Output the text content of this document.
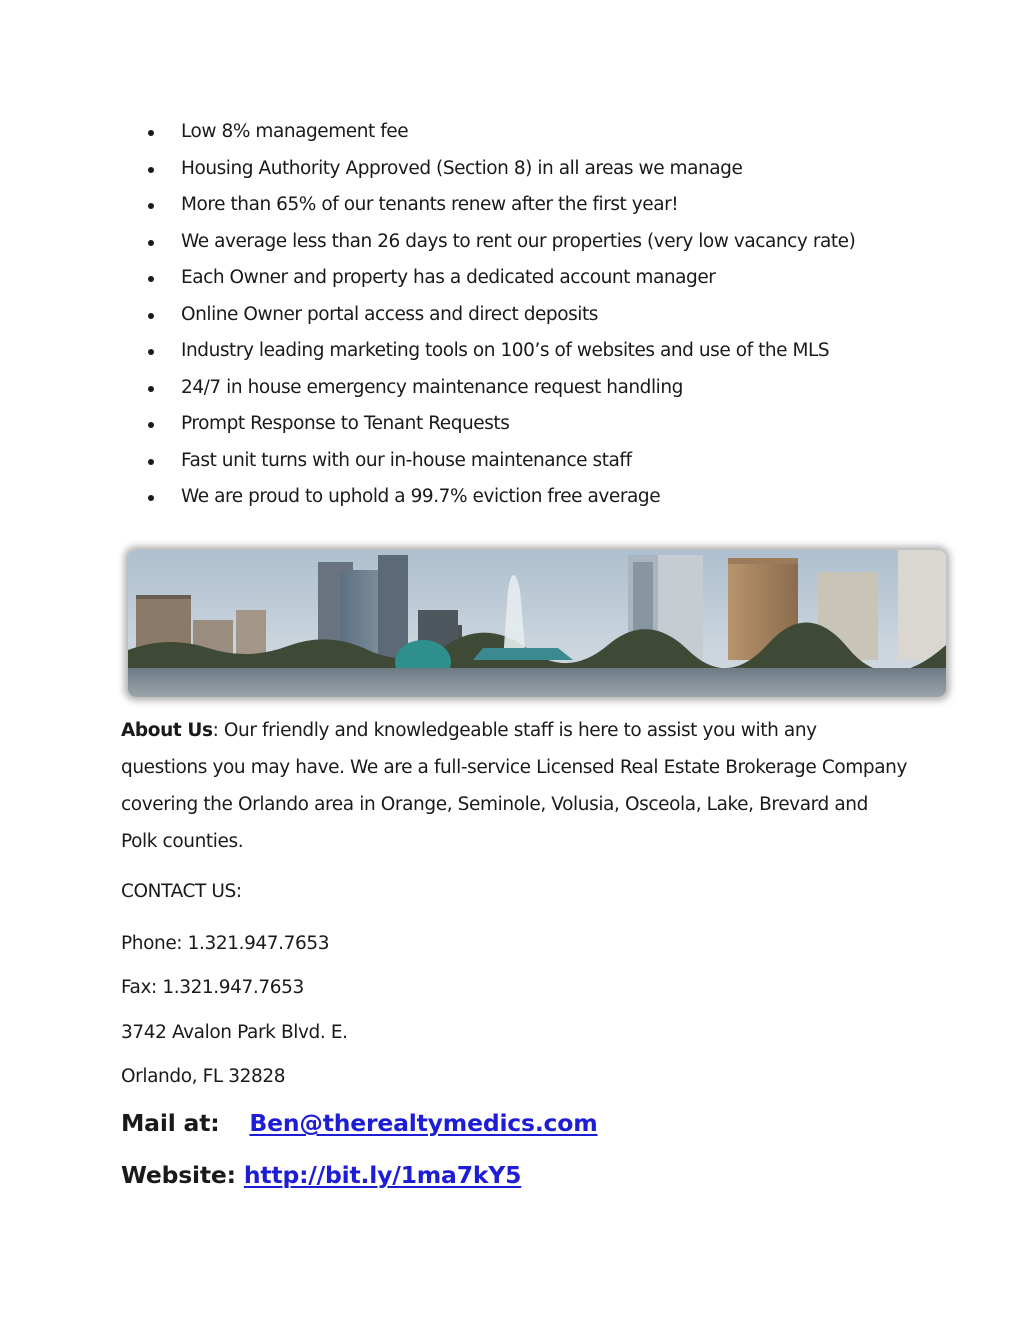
Low 8% management fee
Housing Authority Approved (Section 8) in all areas we manage
More than 65% of our tenants renew after the first year!
We average less than 26 days to rent our properties (very low vacancy rate)
Each Owner and property has a dedicated account manager
Online Owner portal access and direct deposits
Industry leading marketing tools on 100’s of websites and use of the MLS
24/7 in house emergency maintenance request handling
Prompt Response to Tenant Requests
Fast unit turns with our in-house maintenance staff
We are proud to uphold a 99.7% eviction free average
About Us: Our friendly and knowledgeable staff is here to assist you with any
questions you may have. We are a full-service Licensed Real Estate Brokerage Company
covering the Orlando area in Orange, Seminole, Volusia, Osceola, Lake, Brevard and
Polk counties.
CONTACT US:
Phone: 1.321.947.7653
Fax: 1.321.947.7653
3742 Avalon Park Blvd. E.
Orlando, FL 32828
Mail at: Ben@therealtymedics.com
Website: http://bit.ly/1ma7kY5
